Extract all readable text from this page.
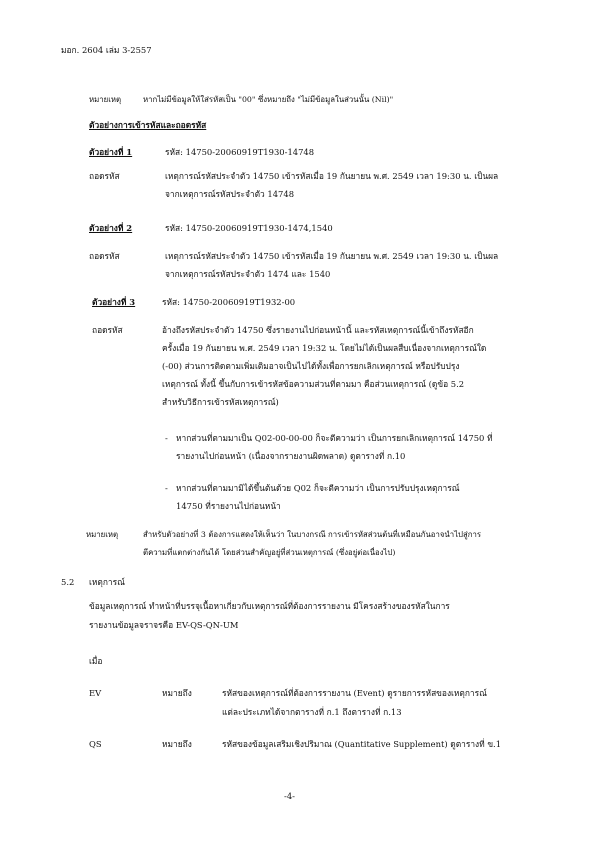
มอก. 2604 เล่ม 3-2557
หมายเหตุ	หากไม่มีข้อมูลให้ใส่รหัสเป็น "00" ซึ่งหมายถึง "ไม่มีข้อมูลในส่วนนั้น (Nil)"
ตัวอย่างการเข้ารหัสและถอดรหัส
ตัวอย่างที่ 1	รหัส: 14750-20060919T1930-14748
ถอดรหัส	เหตุการณ์รหัสประจำตัว 14750 เข้ารหัสเมื่อ 19 กันยายน พ.ศ. 2549 เวลา 19:30 น. เป็นผล
จากเหตุการณ์รหัสประจำตัว 14748
ตัวอย่างที่ 2	รหัส: 14750-20060919T1930-1474,1540
ถอดรหัส	เหตุการณ์รหัสประจำตัว 14750 เข้ารหัสเมื่อ 19 กันยายน พ.ศ. 2549 เวลา 19:30 น. เป็นผล
จากเหตุการณ์รหัสประจำตัว 1474 และ 1540
ตัวอย่างที่ 3	รหัส: 14750-20060919T1932-00
ถอดรหัส	อ้างถึงรหัสประจำตัว 14750 ซึ่งรายงานไปก่อนหน้านี้ และรหัสเหตุการณ์นี้เข้าถึงรหัสอีก
ครั้งเมื่อ 19 กันยายน พ.ศ. 2549 เวลา 19:32 น. โดยไม่ได้เป็นผลสืบเนื่องจากเหตุการณ์ใด
(-00) ส่วนการติดตามเพิ่มเติมอาจเป็นไปได้ทั้งเพื่อการยกเลิกเหตุการณ์ หรือปรับปรุง
เหตุการณ์ ทั้งนี้ ขึ้นกับการเข้ารหัสข้อความส่วนที่ตามมา คือส่วนเหตุการณ์ (ดูข้อ 5.2
สำหรับวิธีการเข้ารหัสเหตุการณ์)
- หากส่วนที่ตามมาเป็น Q02-00-00-00 ก็จะตีความว่า เป็นการยกเลิกเหตุการณ์ 14750 ที่
รายงานไปก่อนหน้า (เนื่องจากรายงานผิดพลาด) ดูตารางที่ ก.10
- หากส่วนที่ตามมามิได้ขึ้นต้นด้วย Q02 ก็จะตีความว่า เป็นการปรับปรุงเหตุการณ์
14750 ที่รายงานไปก่อนหน้า
หมายเหตุ	สำหรับตัวอย่างที่ 3 ต้องการแสดงให้เห็นว่า ในบางกรณี การเข้ารหัสส่วนต้นที่เหมือนกันอาจนำไปสู่การ
ตีความที่แตกต่างกันได้ โดยส่วนสำคัญอยู่ที่ส่วนเหตุการณ์ (ซึ่งอยู่ต่อเนื่องไป)
5.2 เหตุการณ์
ข้อมูลเหตุการณ์ ทำหน้าที่บรรจุเนื้อหาเกี่ยวกับเหตุการณ์ที่ต้องการรายงาน มีโครงสร้างของรหัสในการ
รายงานข้อมูลจราจรคือ EV-QS-QN-UM
เมื่อ
EV	หมายถึง	รหัสของเหตุการณ์ที่ต้องการรายงาน (Event) ดูรายการรหัสของเหตุการณ์
แต่ละประเภทได้จากตารางที่ ก.1 ถึงตารางที่ ก.13
QS	หมายถึง	รหัสของข้อมูลเสริมเชิงปริมาณ (Quantitative Supplement) ดูตารางที่ ข.1
-4-
